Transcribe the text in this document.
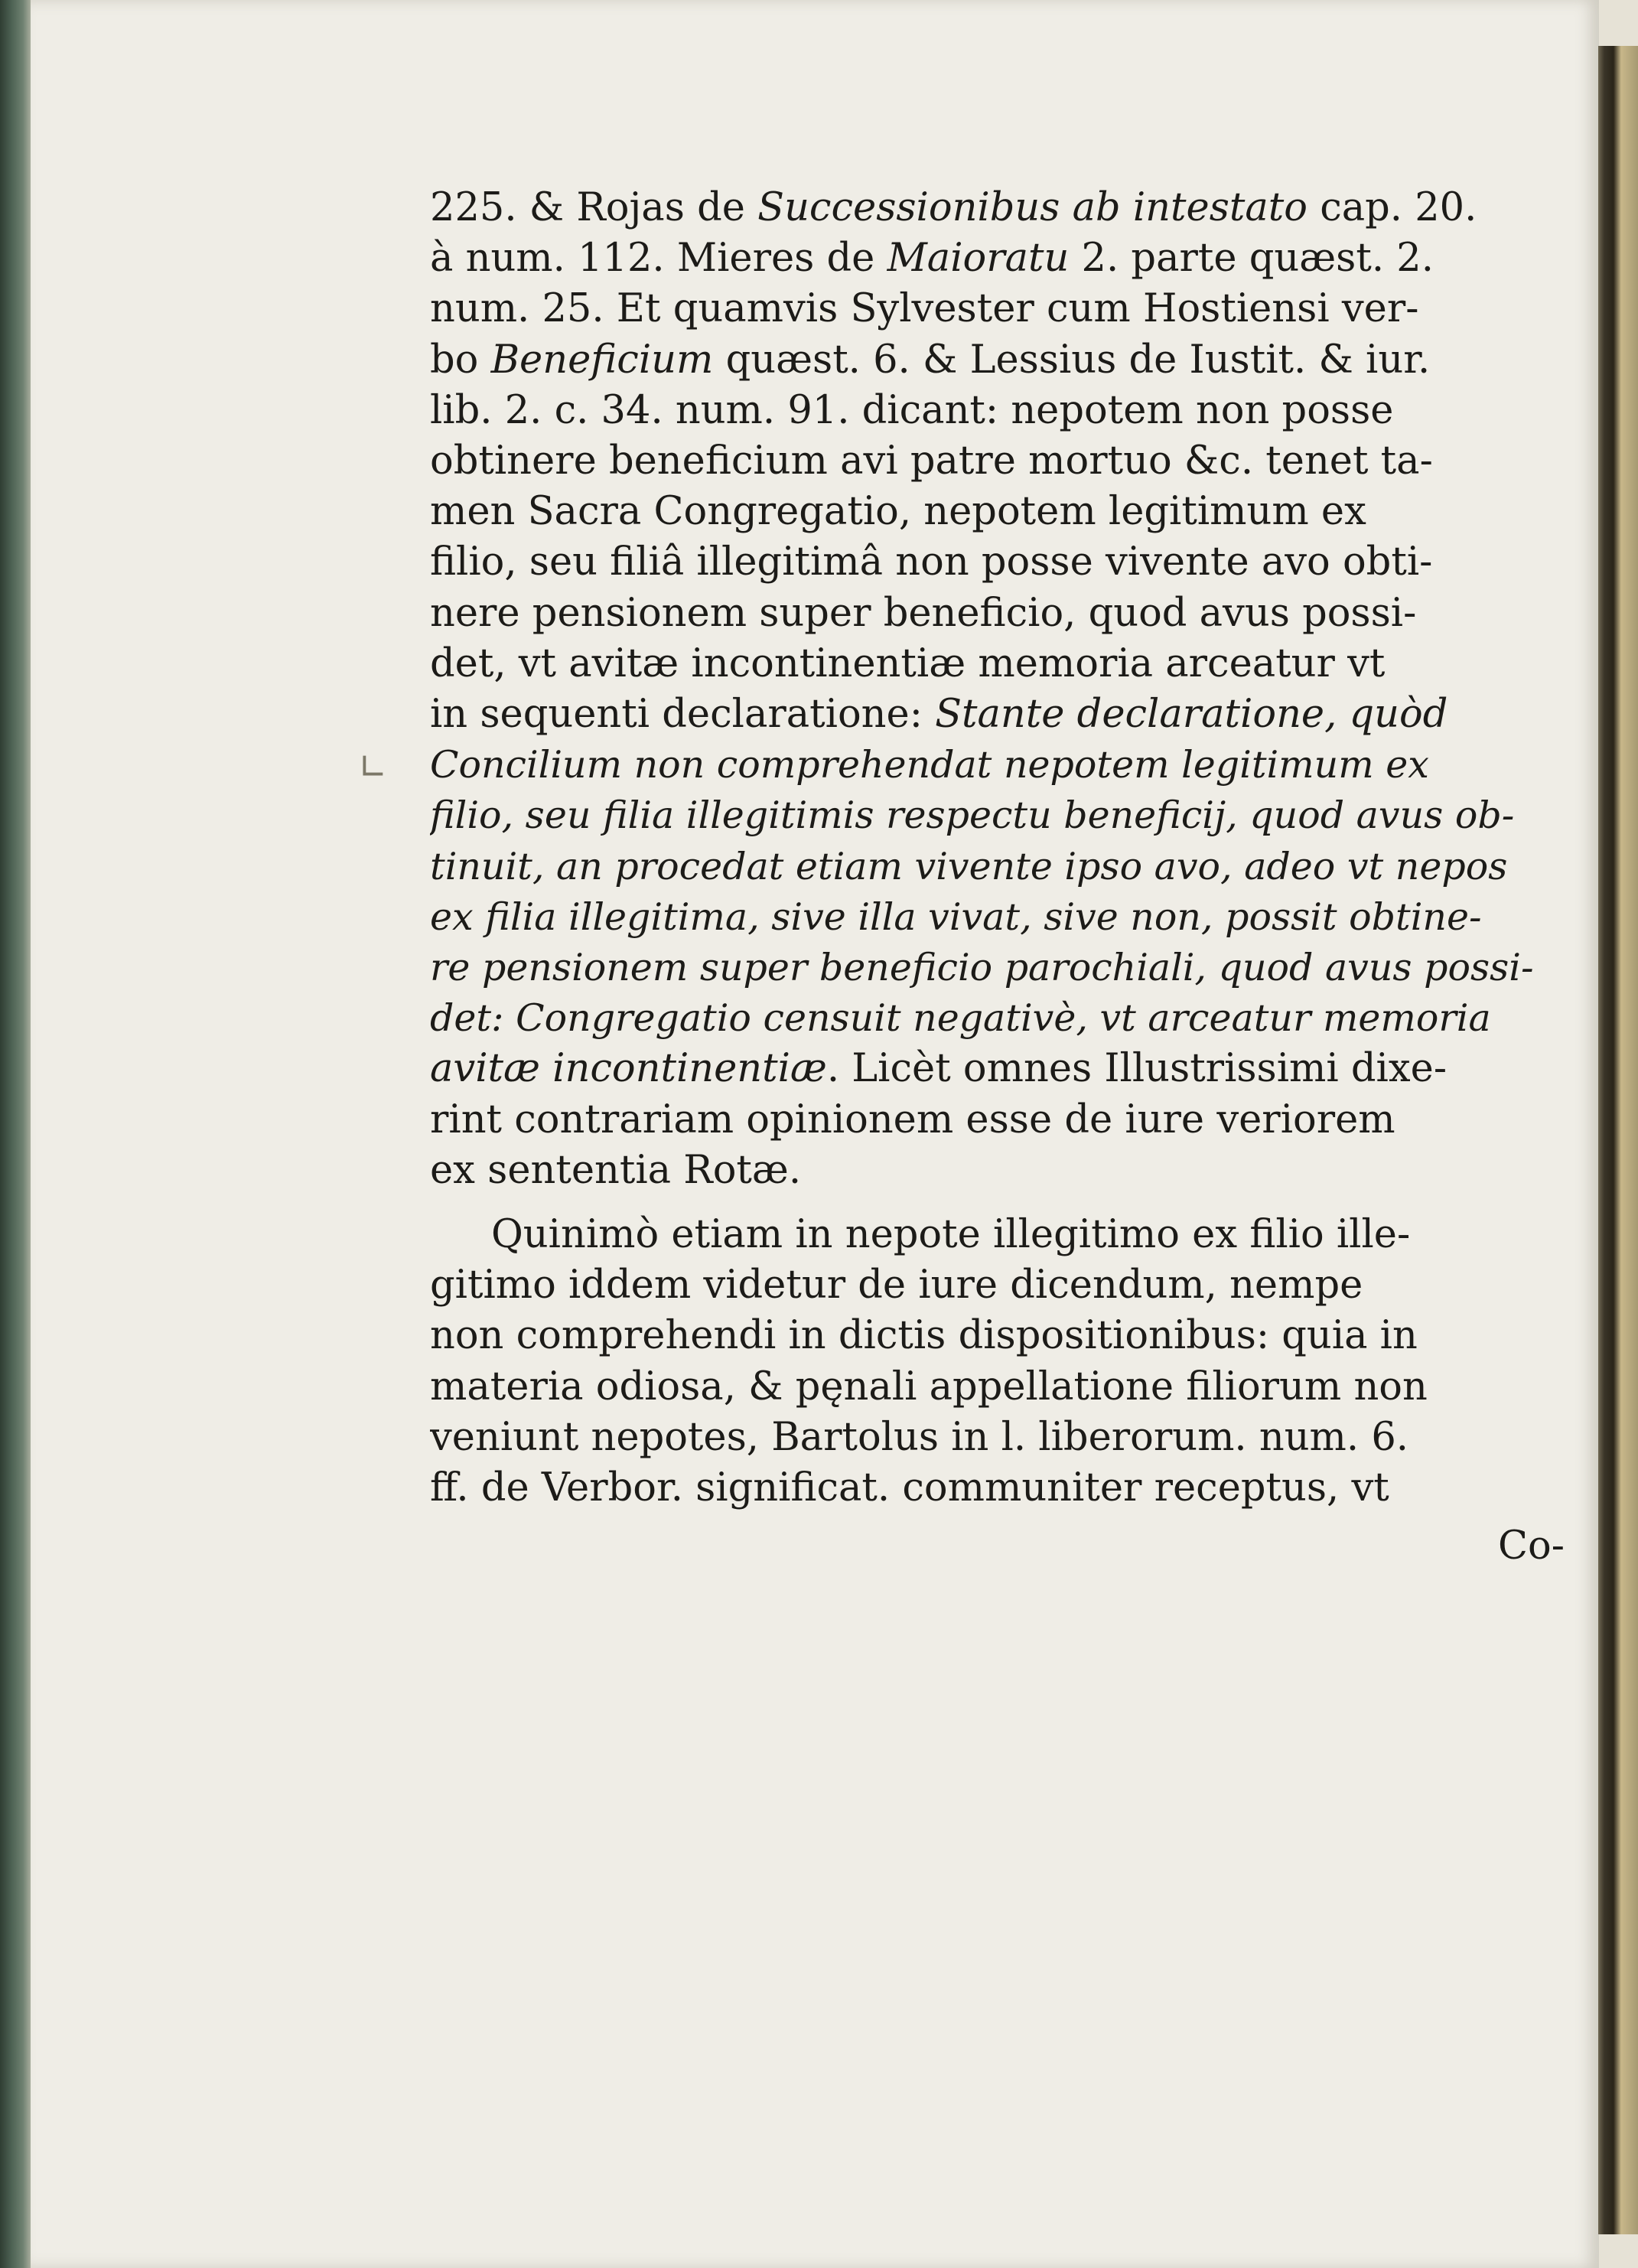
∟
225. & Rojas de Successionibus ab intestato cap. 20.
à num. 112. Mieres de Maioratu 2. parte quæst. 2.
num. 25. Et quamvis Sylvester cum Hostiensi ver-
bo Beneficium quæst. 6. & Lessius de Iustit. & iur.
lib. 2. c. 34. num. 91. dicant: nepotem non posse
obtinere beneficium avi patre mortuo &c. tenet ta-
men Sacra Congregatio, nepotem legitimum ex
filio, seu filiâ illegitimâ non posse vivente avo obti-
nere pensionem super beneficio, quod avus possi-
det, vt avitæ incontinentiæ memoria arceatur vt
in sequenti declaratione: Stante declaratione, quòd
Concilium non comprehendat nepotem legitimum ex
filio, seu filia illegitimis respectu beneficij, quod avus ob-
tinuit, an procedat etiam vivente ipso avo, adeo vt nepos
ex filia illegitima, sive illa vivat, sive non, possit obtine-
re pensionem super beneficio parochiali, quod avus possi-
det: Congregatio censuit negativè, vt arceatur memoria
avitæ incontinentiæ. Licèt omnes Illustrissimi dixe-
rint contrariam opinionem esse de iure veriorem
ex sententia Rotæ.
Quinimò etiam in nepote illegitimo ex filio ille-
gitimo iddem videtur de iure dicendum, nempe
non comprehendi in dictis dispositionibus: quia in
materia odiosa, & pęnali appellatione filiorum non
veniunt nepotes, Bartolus in l. liberorum. num. 6.
ff. de Verbor. significat. communiter receptus, vt
Co-
